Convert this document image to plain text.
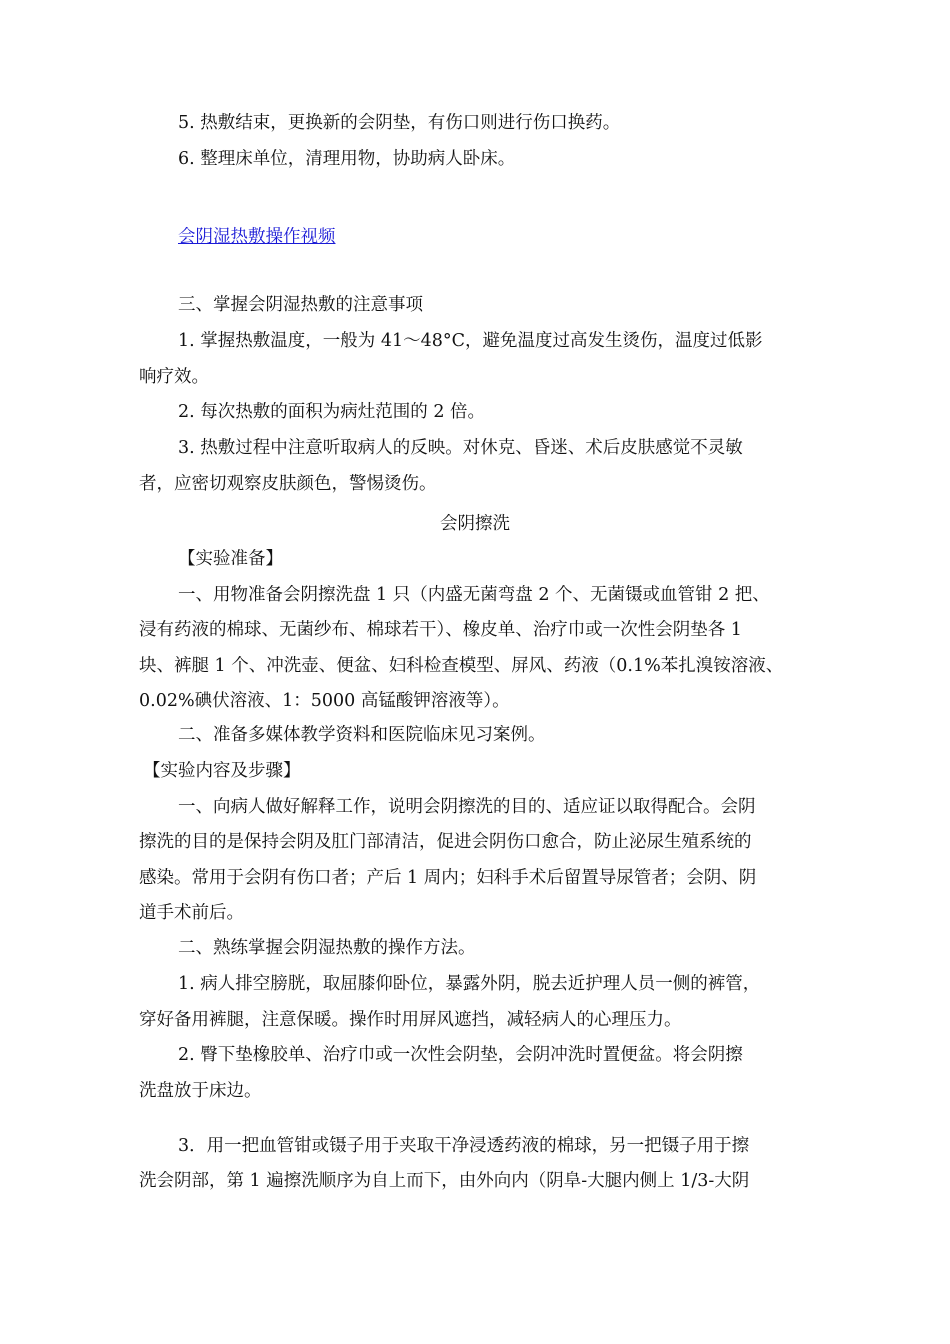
5. 热敷结束，更换新的会阴垫，有伤口则进行伤口换药。

6. 整理床单位，清理用物，协助病人卧床。

会阴湿热敷操作视频

三、掌握会阴湿热敷的注意事项

1. 掌握热敷温度，一般为 41～48°C，避免温度过高发生烫伤，温度过低影

响疗效。

2. 每次热敷的面积为病灶范围的 2 倍。

3. 热敷过程中注意听取病人的反映。对休克、昏迷、术后皮肤感觉不灵敏

者，应密切观察皮肤颜色，警惕烫伤。

会阴擦洗

【实验准备】

一、用物准备会阴擦洗盘 1 只（内盛无菌弯盘 2 个、无菌镊或血管钳 2 把、

浸有药液的棉球、无菌纱布、棉球若干）、橡皮单、治疗巾或一次性会阴垫各 1

块、裤腿 1 个、冲洗壶、便盆、妇科检查模型、屏风、药液（0.1%苯扎溴铵溶液、

0.02%碘伏溶液、1：5000 高锰酸钾溶液等）。

二、准备多媒体教学资料和医院临床见习案例。

【实验内容及步骤】

一、向病人做好解释工作，说明会阴擦洗的目的、适应证以取得配合。会阴

擦洗的目的是保持会阴及肛门部清洁，促进会阴伤口愈合，防止泌尿生殖系统的

感染。常用于会阴有伤口者；产后 1 周内；妇科手术后留置导尿管者；会阴、阴

道手术前后。

二、熟练掌握会阴湿热敷的操作方法。

1. 病人排空膀胱，取屈膝仰卧位，暴露外阴，脱去近护理人员一侧的裤管，

穿好备用裤腿，注意保暖。操作时用屏风遮挡，减轻病人的心理压力。

2. 臀下垫橡胶单、治疗巾或一次性会阴垫，会阴冲洗时置便盆。将会阴擦

洗盘放于床边。

3．用一把血管钳或镊子用于夹取干净浸透药液的棉球，另一把镊子用于擦

洗会阴部，第 1 遍擦洗顺序为自上而下，由外向内（阴阜-大腿内侧上 1/3-大阴
